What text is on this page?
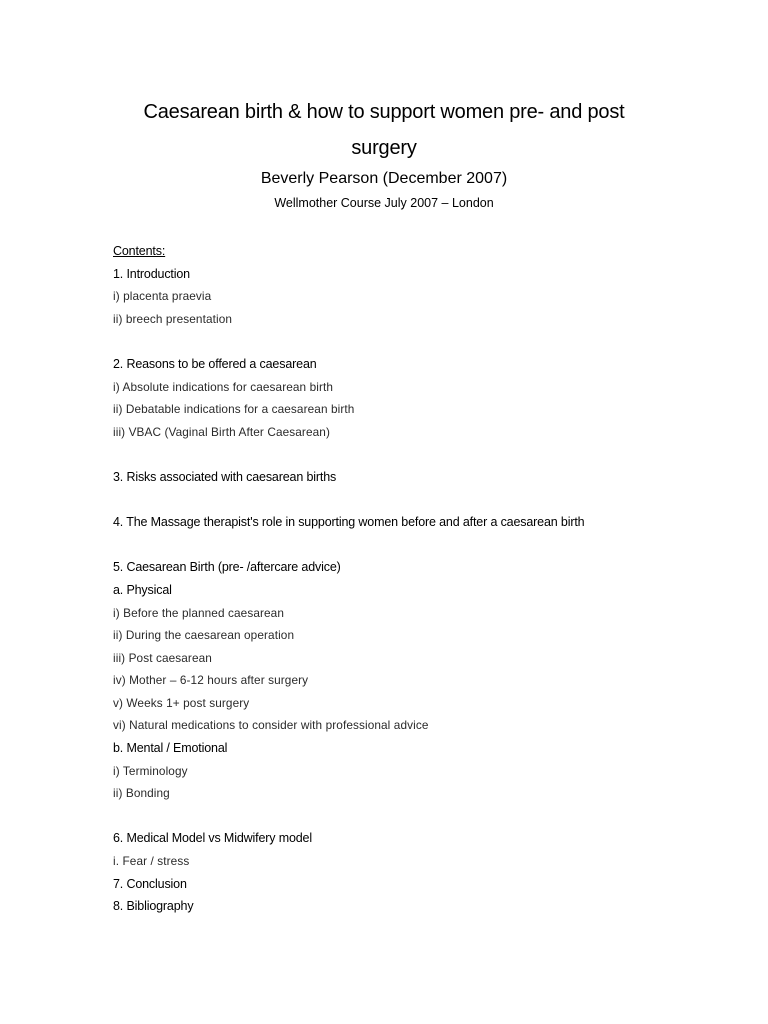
Caesarean birth & how to support women pre- and post
surgery
Beverly Pearson (December 2007)
Wellmother Course July 2007 – London
Contents:
1. Introduction
i) placenta praevia
ii) breech presentation
2. Reasons to be offered a caesarean
i) Absolute indications for caesarean birth
ii) Debatable indications for a caesarean birth
iii) VBAC (Vaginal Birth After Caesarean)
3. Risks associated with caesarean births
4. The Massage therapist's role in supporting women before and after a caesarean birth
5. Caesarean Birth (pre- /aftercare advice)
a. Physical
i) Before the planned caesarean
ii) During the caesarean operation
iii) Post caesarean
iv) Mother – 6-12 hours after surgery
v) Weeks 1+ post surgery
vi) Natural medications to consider with professional advice
b. Mental / Emotional
i) Terminology
ii) Bonding
6. Medical Model vs Midwifery model
i. Fear / stress
7. Conclusion
8. Bibliography
